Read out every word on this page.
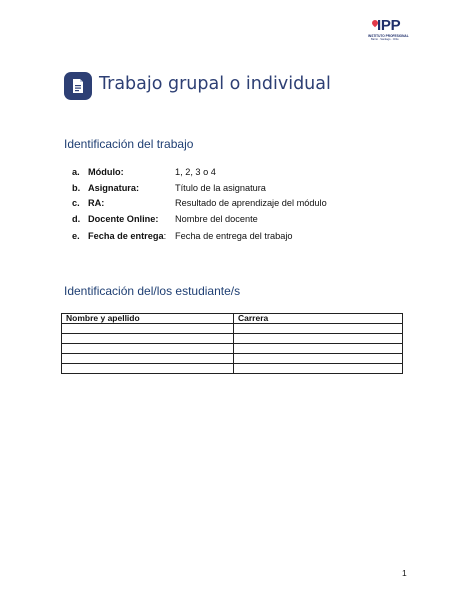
IPP
INSTITUTO PROFESIONAL
Barrio · Santiago · Chile
Trabajo grupal o individual
Identificación del trabajo
a. Módulo:	1, 2, 3 o 4
b. Asignatura:	Título de la asignatura
c. RA:	Resultado de aprendizaje del módulo
d. Docente Online: Nombre del docente
e. Fecha de entrega: Fecha de entrega del trabajo
Identificación del/los estudiante/s
Nombre y apellido	Carrera

1
